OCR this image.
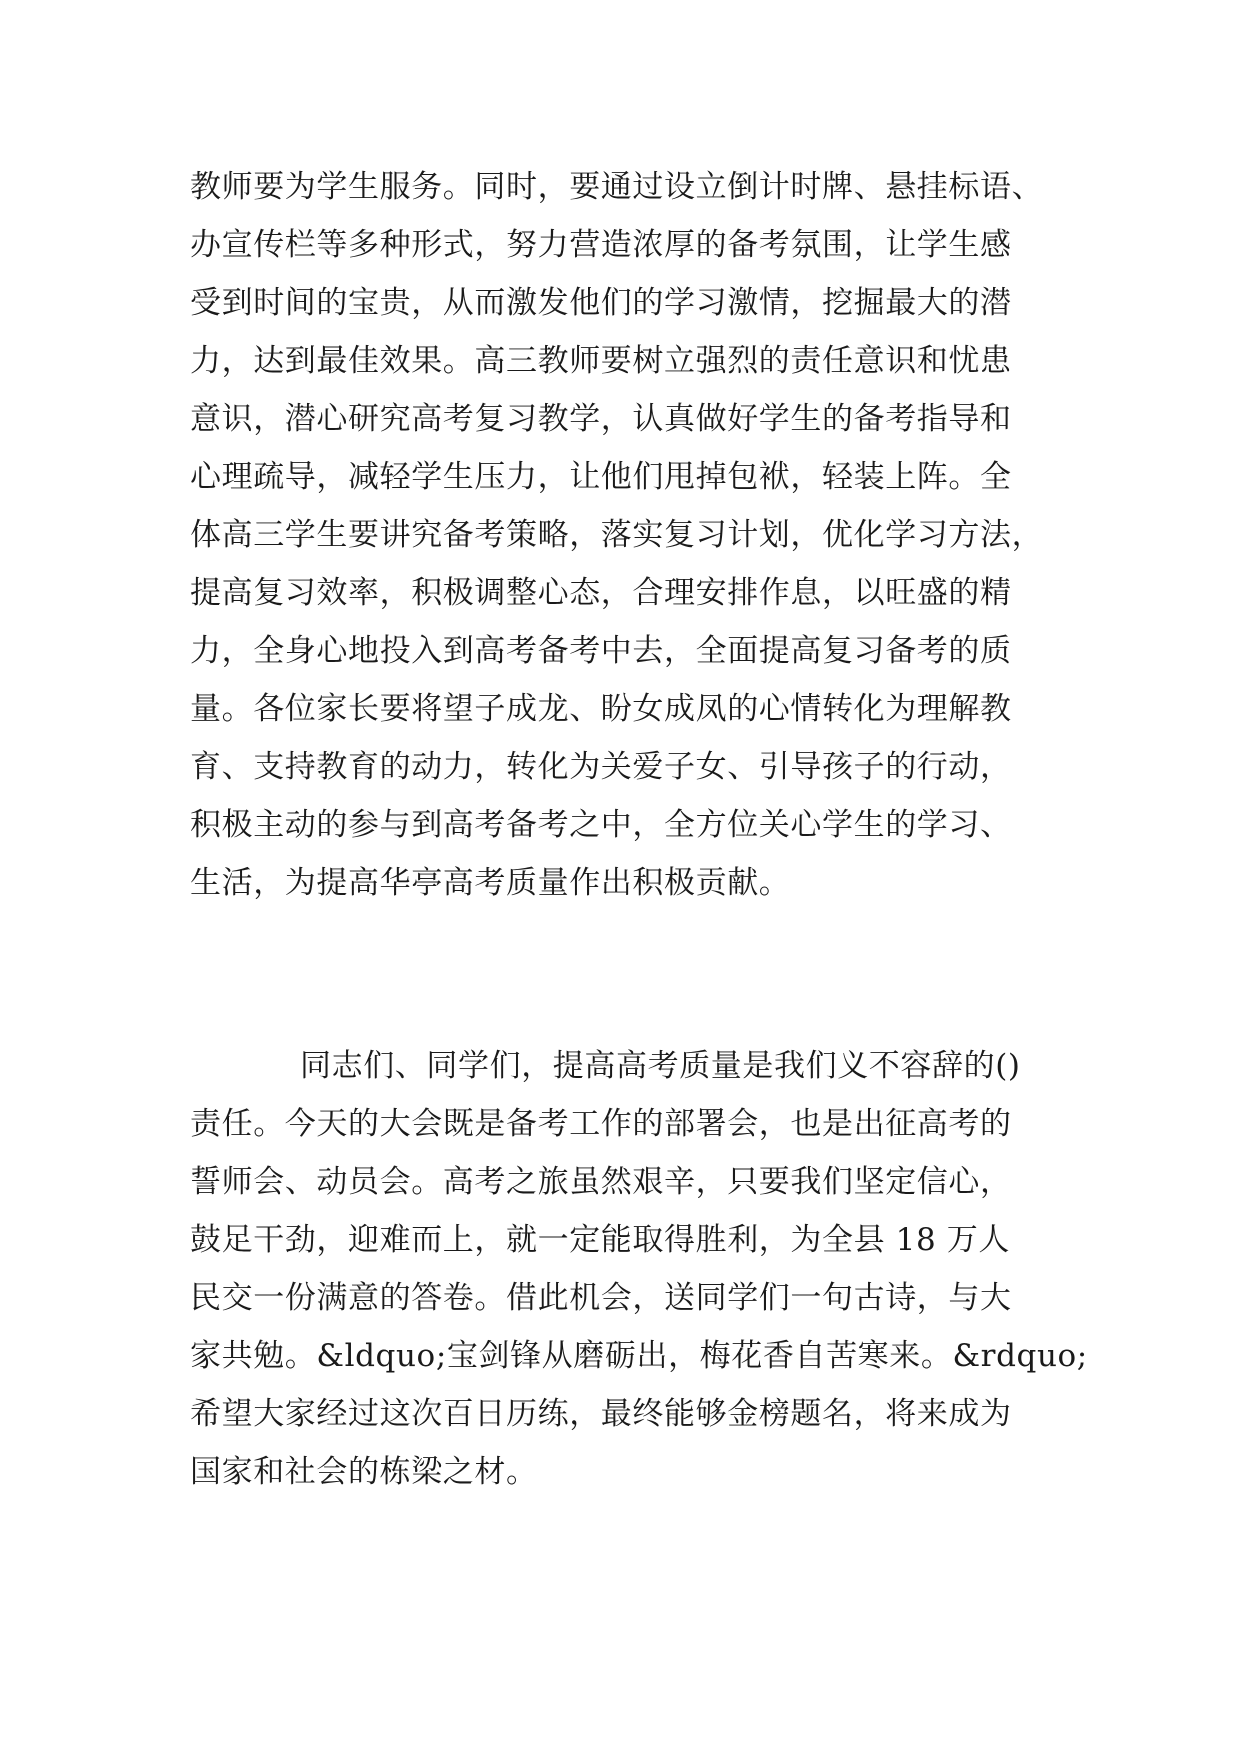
教师要为学生服务。同时，要通过设立倒计时牌、悬挂标语、
办宣传栏等多种形式，努力营造浓厚的备考氛围，让学生感
受到时间的宝贵，从而激发他们的学习激情，挖掘最大的潜
力，达到最佳效果。高三教师要树立强烈的责任意识和忧患
意识，潜心研究高考复习教学，认真做好学生的备考指导和
心理疏导，减轻学生压力，让他们甩掉包袱，轻装上阵。全
体高三学生要讲究备考策略，落实复习计划，优化学习方法，
提高复习效率，积极调整心态，合理安排作息，以旺盛的精
力，全身心地投入到高考备考中去，全面提高复习备考的质
量。各位家长要将望子成龙、盼女成凤的心情转化为理解教
育、支持教育的动力，转化为关爱子女、引导孩子的行动，
积极主动的参与到高考备考之中，全方位关心学生的学习、
生活，为提高华亭高考质量作出积极贡献。
同志们、同学们，提高高考质量是我们义不容辞的()
责任。今天的大会既是备考工作的部署会，也是出征高考的
誓师会、动员会。高考之旅虽然艰辛，只要我们坚定信心，
鼓足干劲，迎难而上，就一定能取得胜利，为全县 18 万人
民交一份满意的答卷。借此机会，送同学们一句古诗，与大
家共勉。&ldquo;宝剑锋从磨砺出，梅花香自苦寒来。&rdquo;
希望大家经过这次百日历练，最终能够金榜题名，将来成为
国家和社会的栋梁之材。
